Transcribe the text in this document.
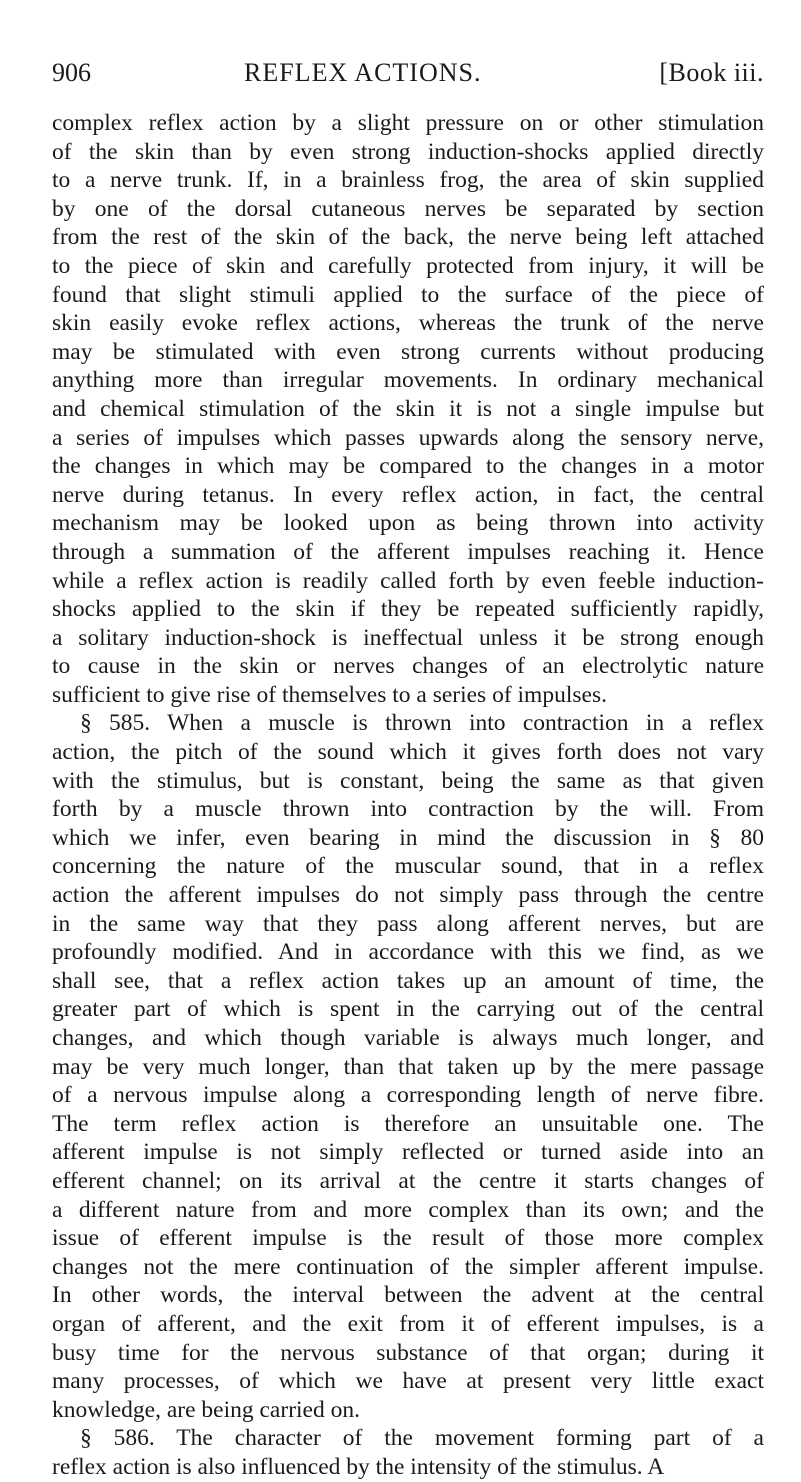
906	REFLEX ACTIONS.	[Book iii.
complex reflex action by a slight pressure on or other stimulation
of the skin than by even strong induction-shocks applied directly
to a nerve trunk. If, in a brainless frog, the area of skin supplied
by one of the dorsal cutaneous nerves be separated by section
from the rest of the skin of the back, the nerve being left attached
to the piece of skin and carefully protected from injury, it will be
found that slight stimuli applied to the surface of the piece of
skin easily evoke reflex actions, whereas the trunk of the nerve
may be stimulated with even strong currents without producing
anything more than irregular movements. In ordinary mechanical
and chemical stimulation of the skin it is not a single impulse but
a series of impulses which passes upwards along the sensory nerve,
the changes in which may be compared to the changes in a motor
nerve during tetanus. In every reflex action, in fact, the central
mechanism may be looked upon as being thrown into activity
through a summation of the afferent impulses reaching it. Hence
while a reflex action is readily called forth by even feeble induction-
shocks applied to the skin if they be repeated sufficiently rapidly,
a solitary induction-shock is ineffectual unless it be strong enough
to cause in the skin or nerves changes of an electrolytic nature
sufficient to give rise of themselves to a series of impulses.
§ 585. When a muscle is thrown into contraction in a reflex
action, the pitch of the sound which it gives forth does not vary
with the stimulus, but is constant, being the same as that given
forth by a muscle thrown into contraction by the will. From
which we infer, even bearing in mind the discussion in § 80
concerning the nature of the muscular sound, that in a reflex
action the afferent impulses do not simply pass through the centre
in the same way that they pass along afferent nerves, but are
profoundly modified. And in accordance with this we find, as we
shall see, that a reflex action takes up an amount of time, the
greater part of which is spent in the carrying out of the central
changes, and which though variable is always much longer, and
may be very much longer, than that taken up by the mere passage
of a nervous impulse along a corresponding length of nerve fibre.
The term reflex action is therefore an unsuitable one. The
afferent impulse is not simply reflected or turned aside into an
efferent channel; on its arrival at the centre it starts changes of
a different nature from and more complex than its own; and the
issue of efferent impulse is the result of those more complex
changes not the mere continuation of the simpler afferent impulse.
In other words, the interval between the advent at the central
organ of afferent, and the exit from it of efferent impulses, is a
busy time for the nervous substance of that organ; during it
many processes, of which we have at present very little exact
knowledge, are being carried on.
§ 586. The character of the movement forming part of a
reflex action is also influenced by the intensity of the stimulus. A
